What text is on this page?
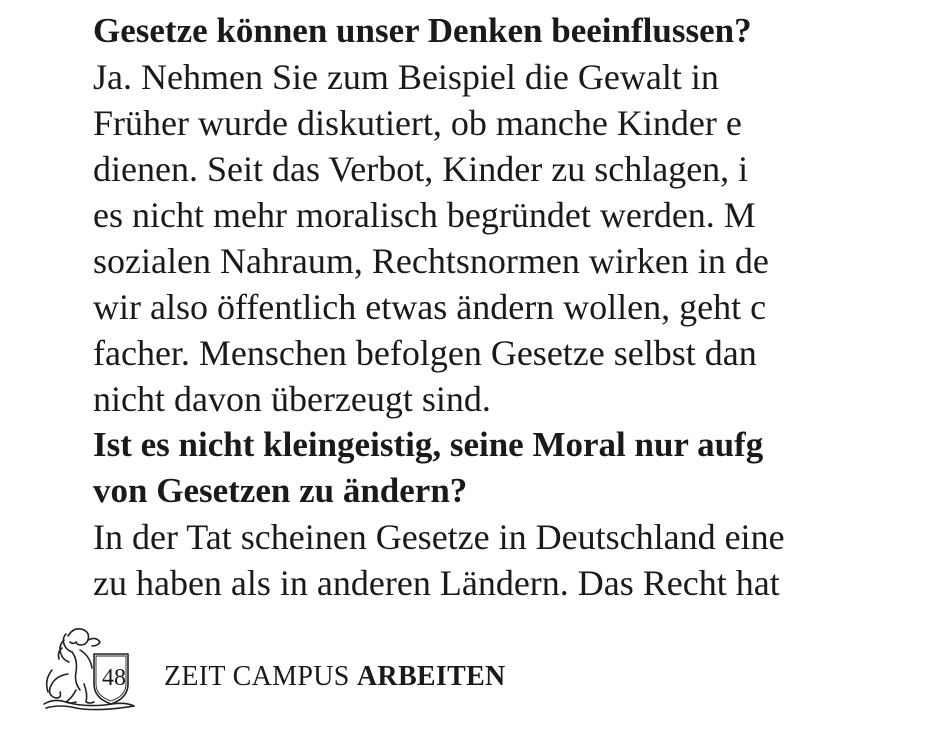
Gesetze können unser Denken beeinflussen?
Ja. Nehmen Sie zum Beispiel die Gewalt in
Früher wurde diskutiert, ob manche Kinder e
dienen. Seit das Verbot, Kinder zu schlagen, i
es nicht mehr moralisch begründet werden. M
sozialen Nahraum, Rechtsnormen wirken in de
wir also öffentlich etwas ändern wollen, geht c
facher. Menschen befolgen Gesetze selbst dan
nicht davon überzeugt sind.
Ist es nicht kleingeistig, seine Moral nur aufg
von Gesetzen zu ändern?
In der Tat scheinen Gesetze in Deutschland eine
zu haben als in anderen Ländern. Das Recht hat
48 ZEIT CAMPUS ARBEITEN
